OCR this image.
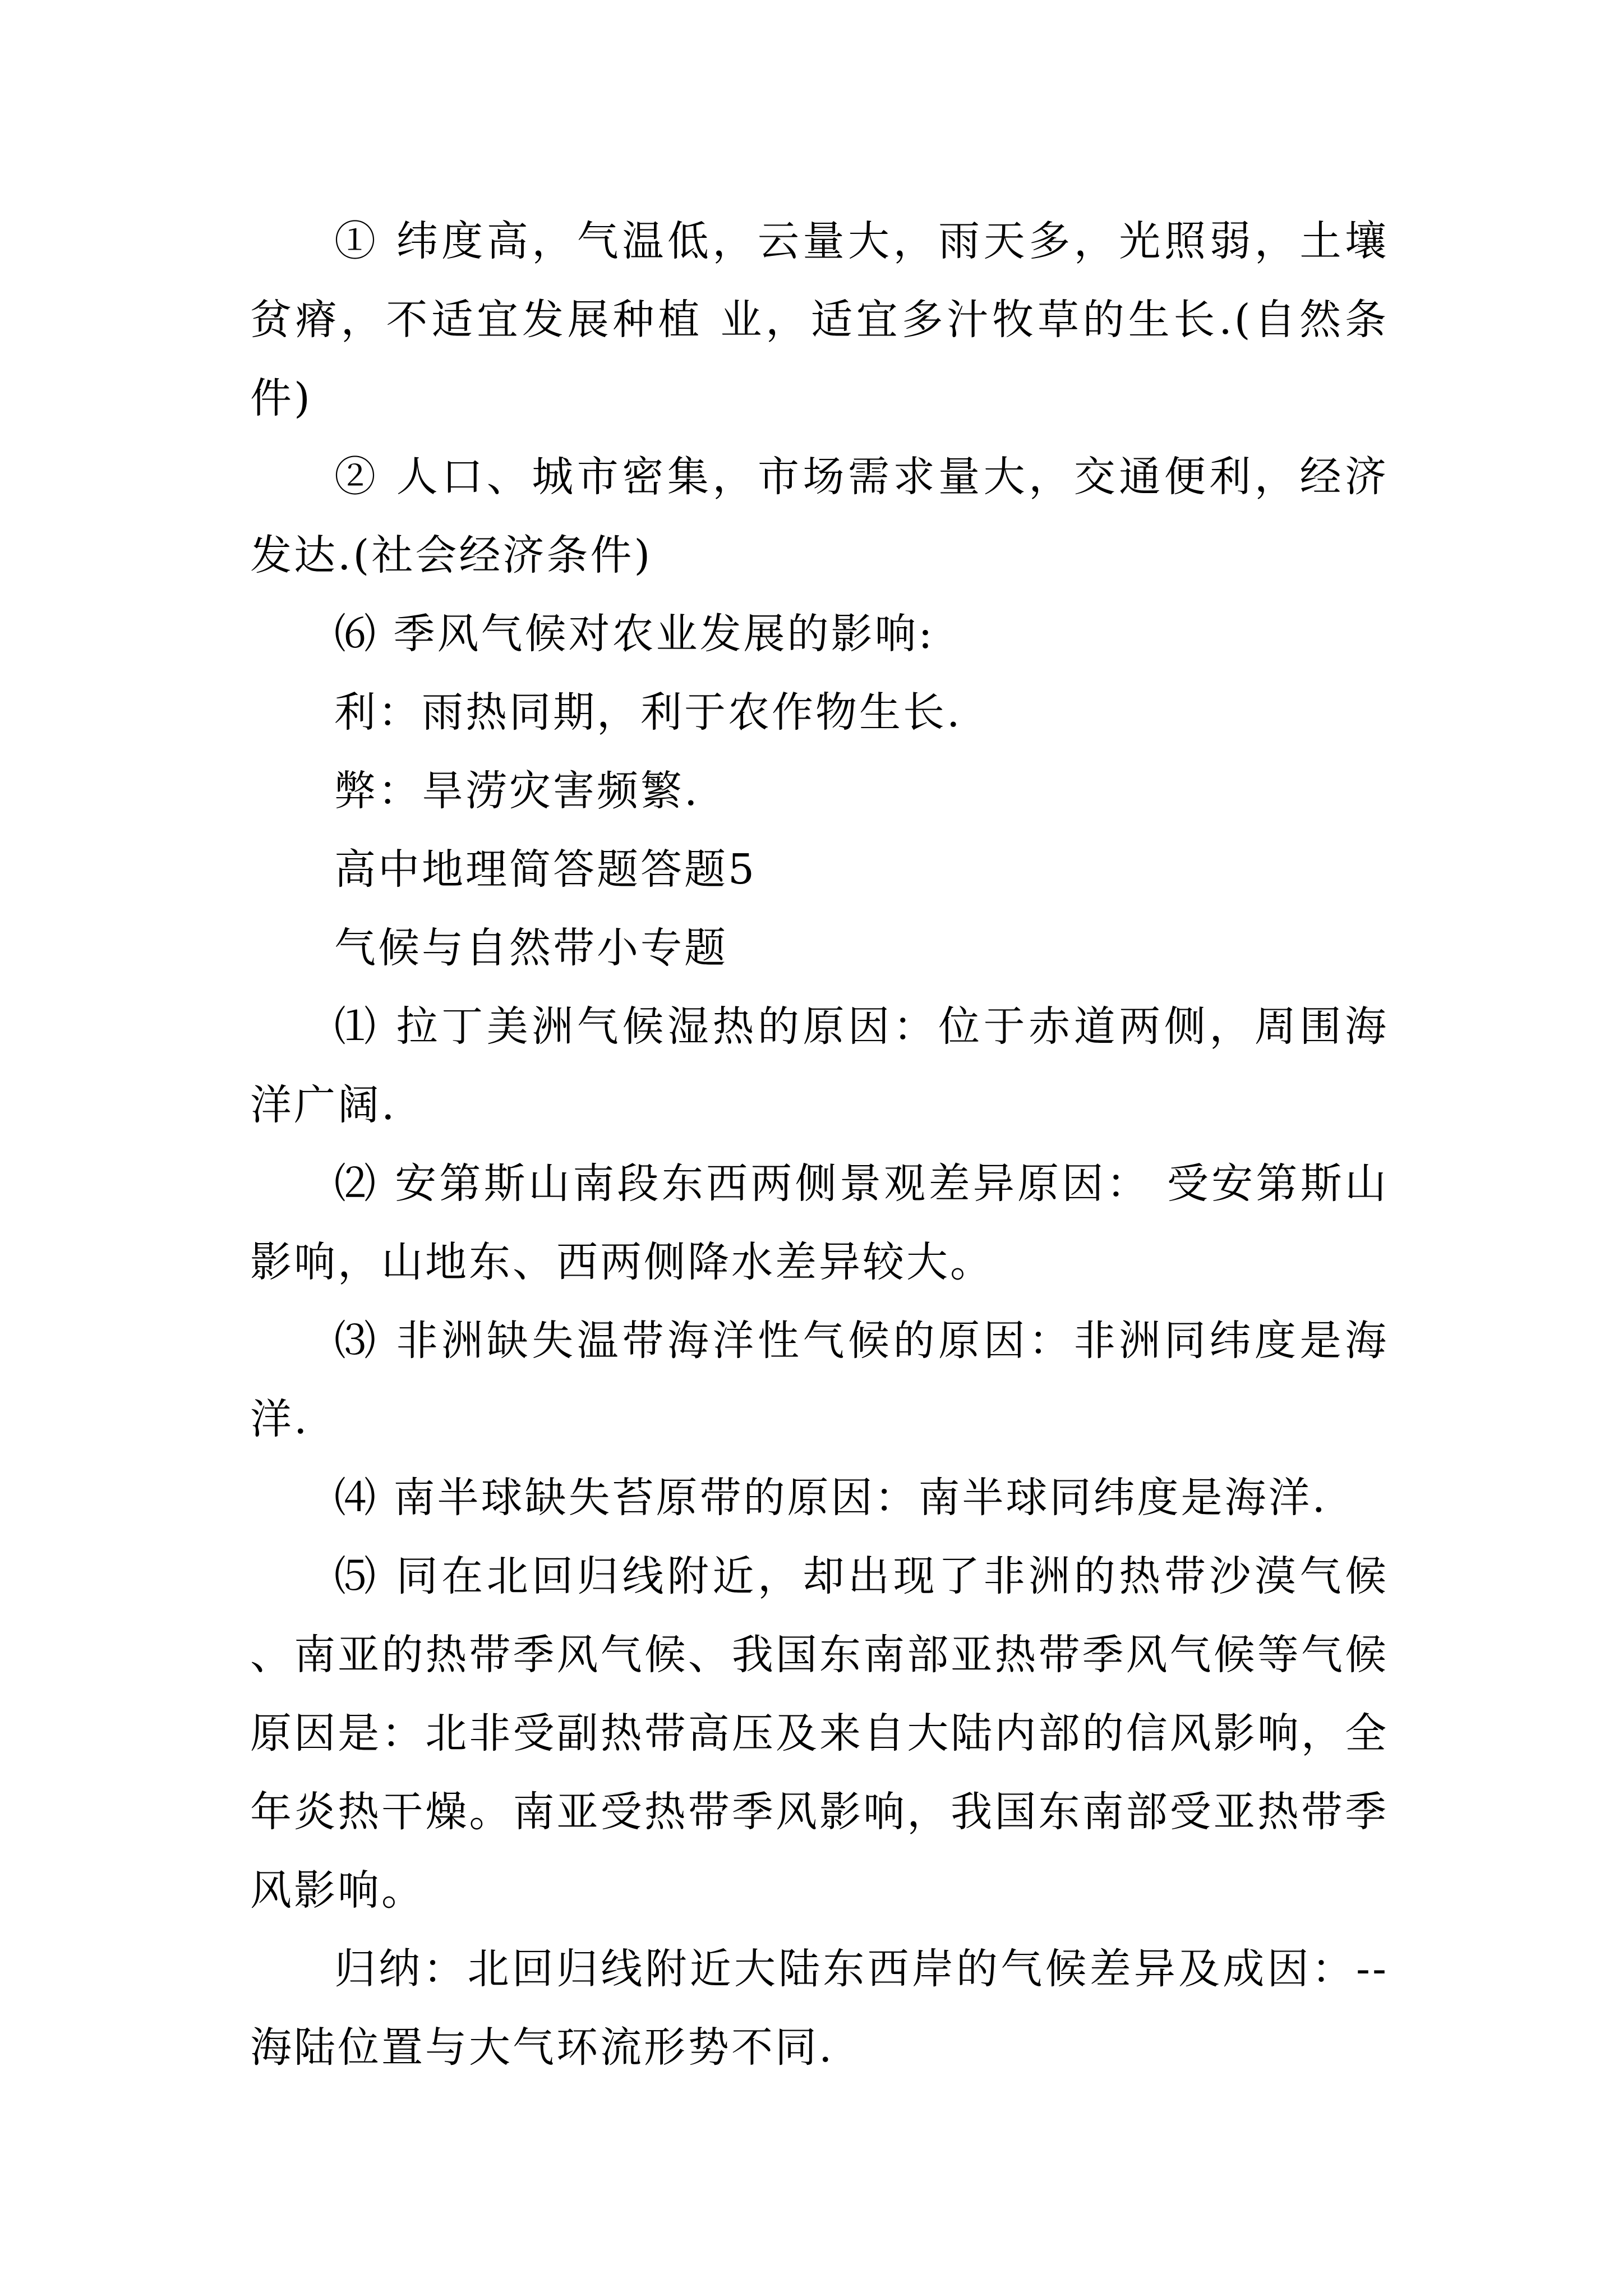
① 纬度高，气温低，云量大，雨天多，光照弱，土壤贫瘠，不适宜发展种植 业，适宜多汁牧草的生长.(自然条件)

② 人口、城市密集，市场需求量大，交通便利，经济发达.(社会经济条件)

⑹ 季风气候对农业发展的影响:

利：雨热同期，利于农作物生长.

弊：旱涝灾害频繁.

高中地理简答题答题5

气候与自然带小专题

⑴ 拉丁美洲气候湿热的原因：位于赤道两侧，周围海洋广阔.

⑵ 安第斯山南段东西两侧景观差异原因： 受安第斯山影响，山地东、西两侧降水差异较大。

⑶ 非洲缺失温带海洋性气候的原因：非洲同纬度是海洋.

⑷ 南半球缺失苔原带的原因：南半球同纬度是海洋.

⑸ 同在北回归线附近，却出现了非洲的热带沙漠气候、南亚的热带季风气候、我国东南部亚热带季风气候等气候原因是：北非受副热带高压及来自大陆内部的信风影响，全年炎热干燥。南亚受热带季风影响，我国东南部受亚热带季风影响。

归纳：北回归线附近大陆东西岸的气候差异及成因：--海陆位置与大气环流形势不同.
